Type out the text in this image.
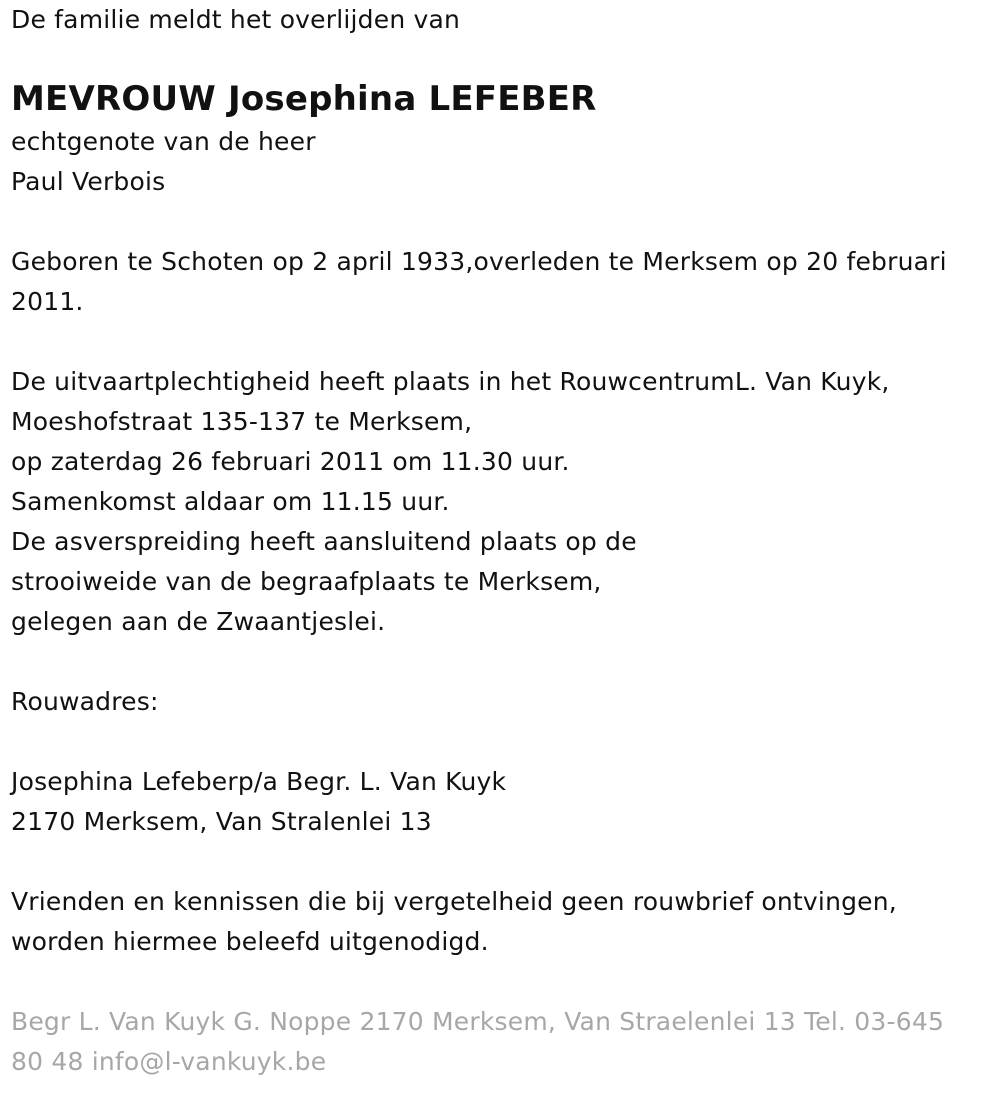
De familie meldt het overlijden van
MEVROUW Josephina LEFEBER
echtgenote van de heer
Paul Verbois
Geboren te Schoten op 2 april 1933,overleden te Merksem op 20 februari
2011.
De uitvaartplechtigheid heeft plaats in het RouwcentrumL. Van Kuyk,
Moeshofstraat 135-137 te Merksem,
op zaterdag 26 februari 2011 om 11.30 uur.
Samenkomst aldaar om 11.15 uur.
De asverspreiding heeft aansluitend plaats op de
strooiweide van de begraafplaats te Merksem,
gelegen aan de Zwaantjeslei.
Rouwadres:
Josephina Lefeberp/a Begr. L. Van Kuyk
2170 Merksem, Van Stralenlei 13
Vrienden en kennissen die bij vergetelheid geen rouwbrief ontvingen,
worden hiermee beleefd uitgenodigd.
Begr L. Van Kuyk G. Noppe 2170 Merksem, Van Straelenlei 13 Tel. 03-645
80 48 info@l-vankuyk.be
